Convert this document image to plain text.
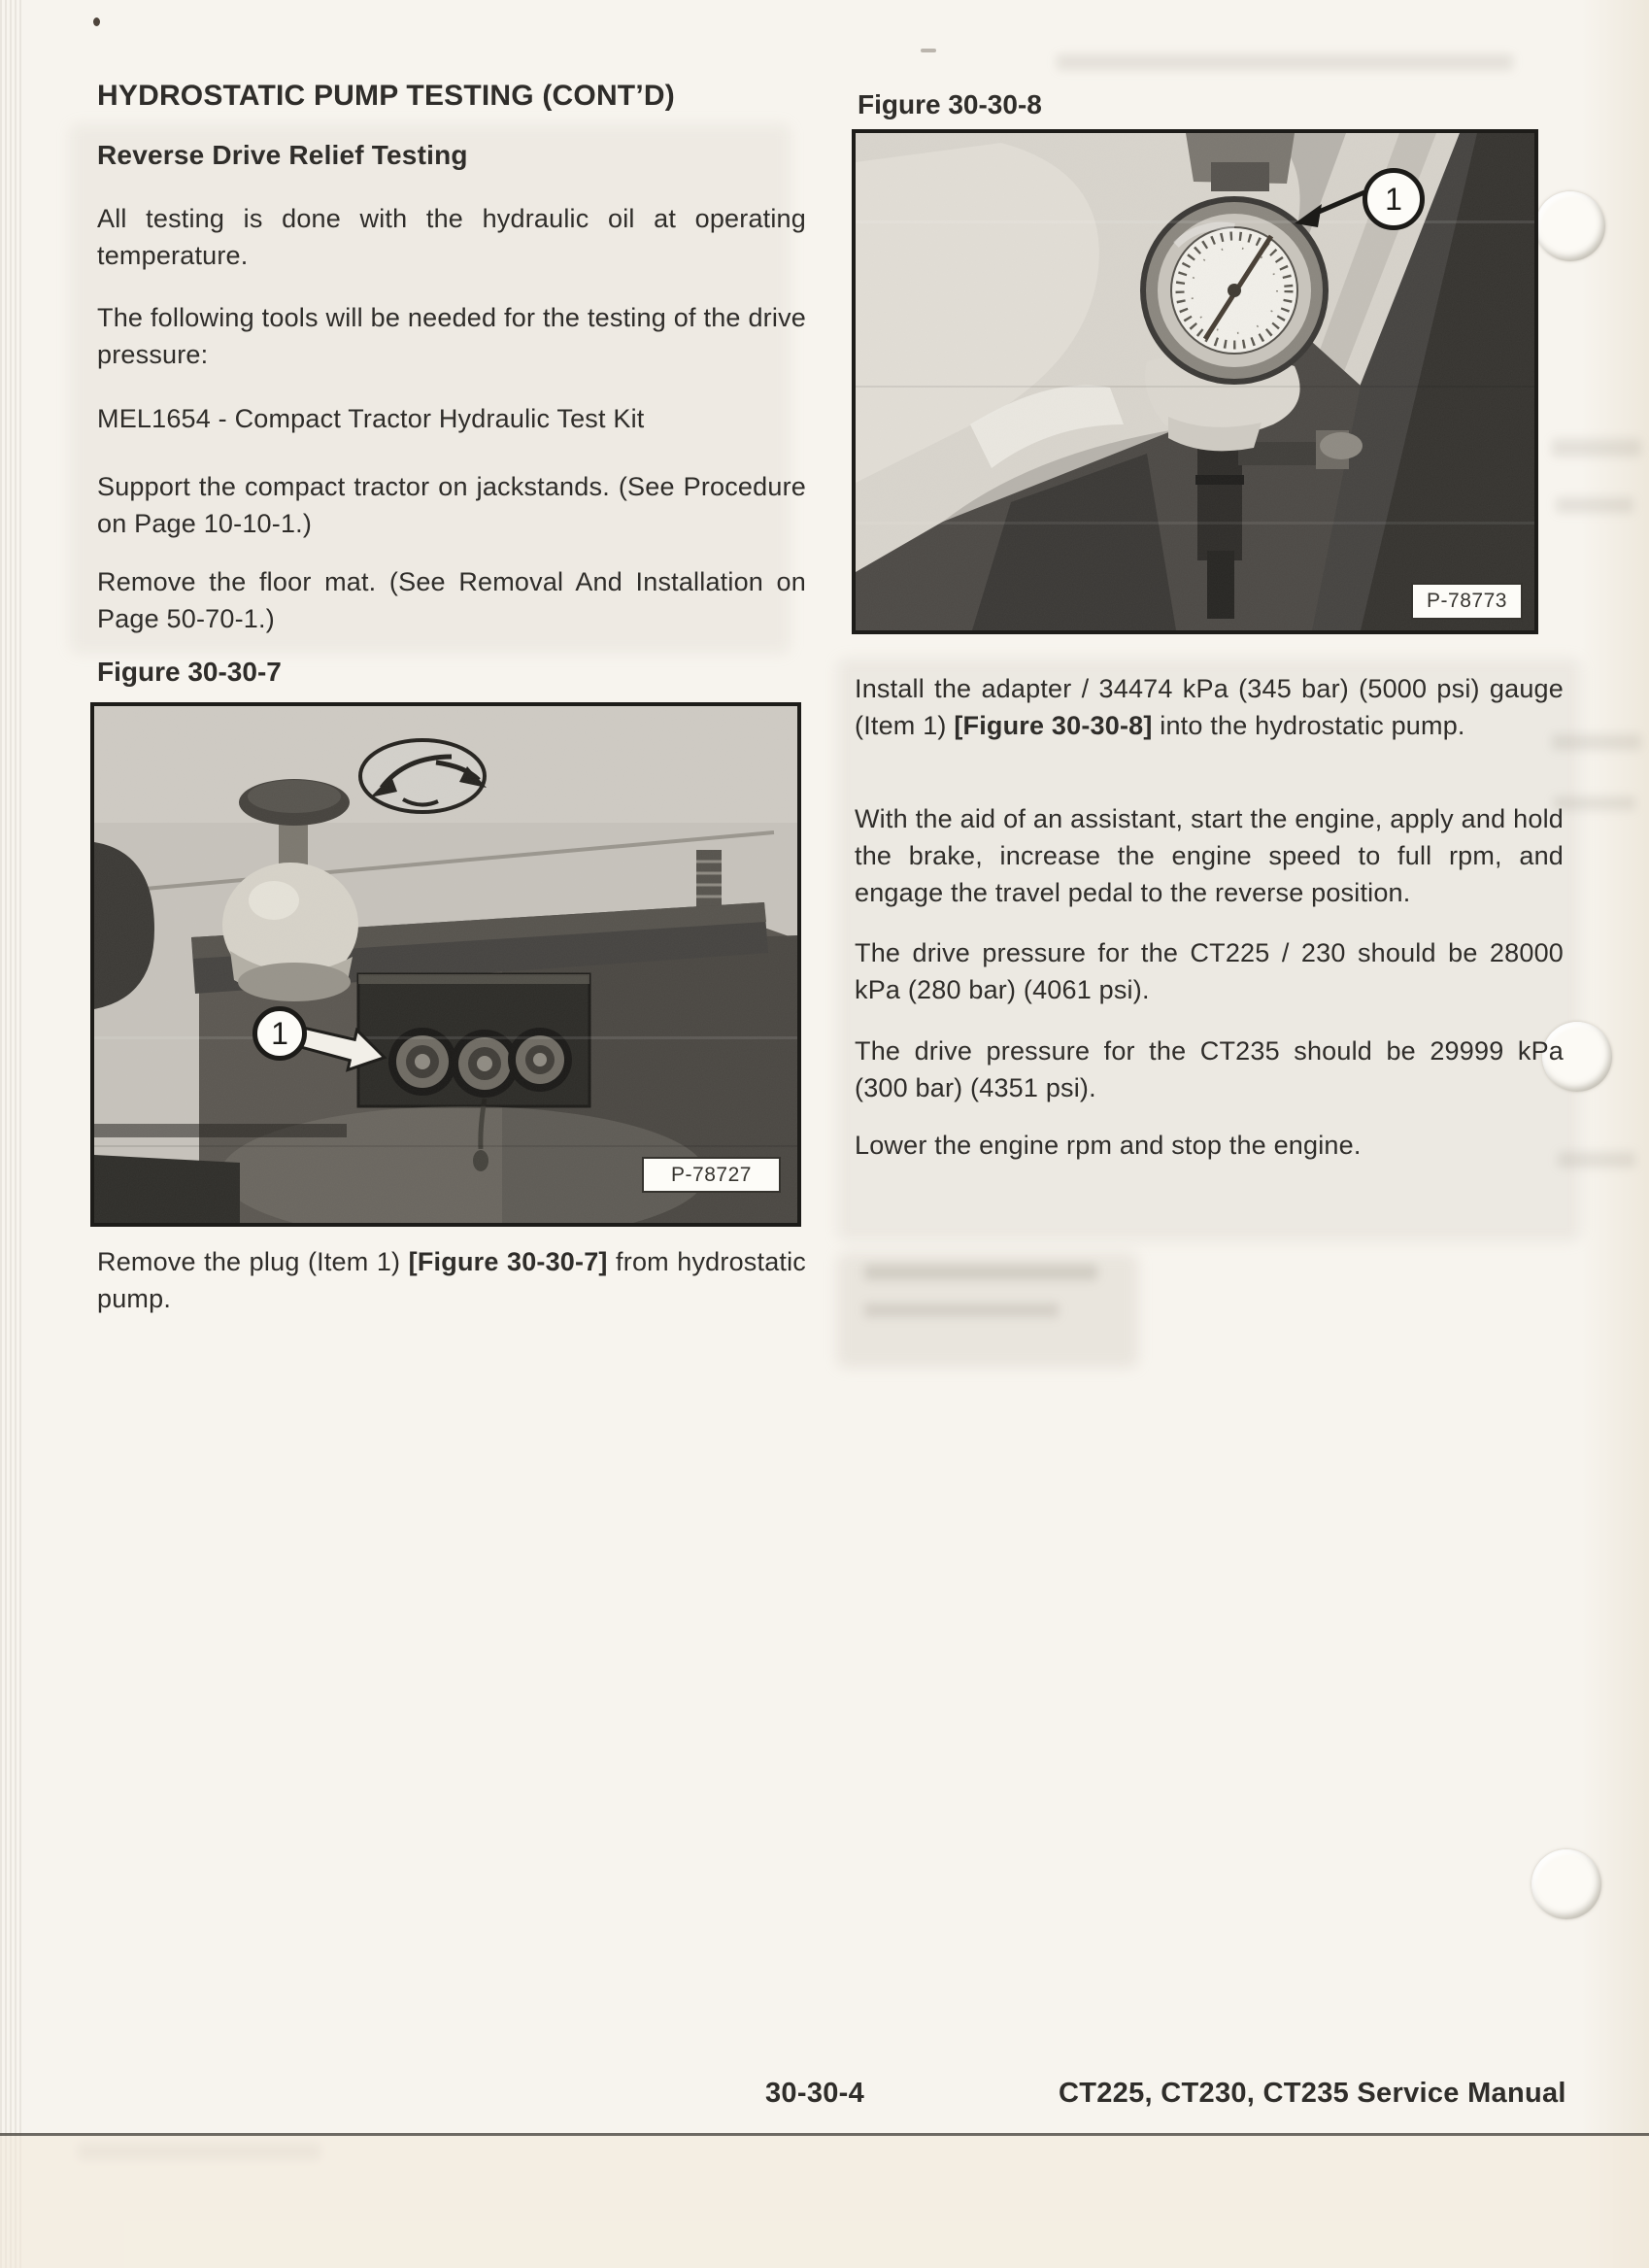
HYDROSTATIC PUMP TESTING (CONT’D)
Reverse Drive Relief Testing
All testing is done with the hydraulic oil at operating temperature.
The following tools will be needed for the testing of the drive pressure:
MEL1654 - Compact Tractor Hydraulic Test Kit
Support the compact tractor on jackstands. (See Procedure on Page 10-10-1.)
Remove the floor mat. (See Removal And Installation on Page 50-70-1.)
Figure 30-30-7
1
P-78727
Remove the plug (Item 1) [Figure 30-30-7] from hydrostatic pump.
Figure 30-30-8
1
P-78773
Install the adapter / 34474 kPa (345 bar) (5000 psi) gauge (Item 1) [Figure 30-30-8] into the hydrostatic pump.
With the aid of an assistant, start the engine, apply and hold the brake, increase the engine speed to full rpm, and engage the travel pedal to the reverse position.
The drive pressure for the CT225 / 230 should be 28000 kPa (280 bar) (4061 psi).
The drive pressure for the CT235 should be 29999 kPa (300 bar) (4351 psi).
Lower the engine rpm and stop the engine.
30-30-4	CT225, CT230, CT235 Service Manual
